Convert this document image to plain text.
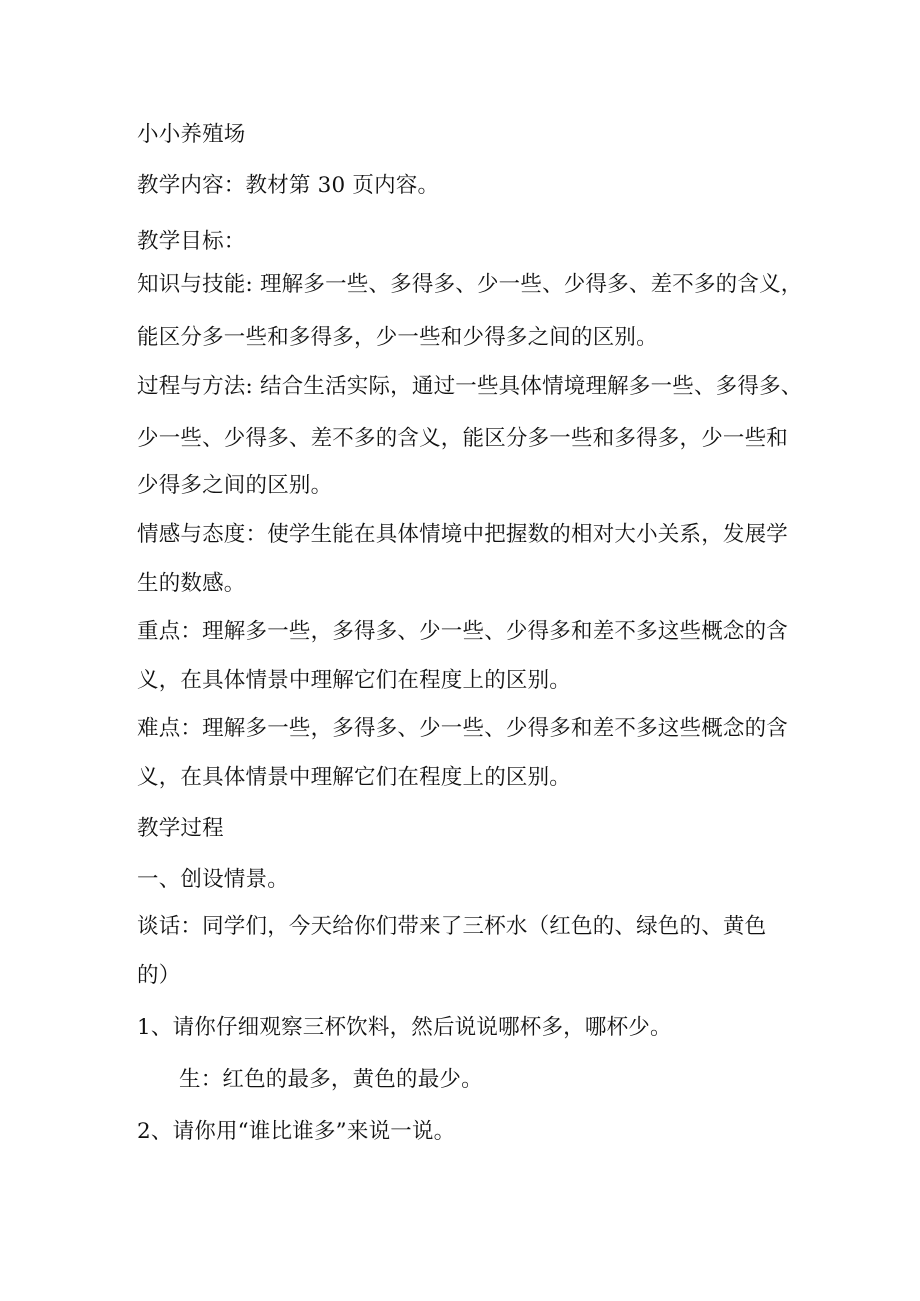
小小养殖场
教学内容：教材第 30 页内容。
教学目标：
知识与技能: 理解多一些、多得多、少一些、少得多、差不多的含义，
能区分多一些和多得多，少一些和少得多之间的区别。
过程与方法: 结合生活实际，通过一些具体情境理解多一些、多得多、
少一些、少得多、差不多的含义，能区分多一些和多得多，少一些和
少得多之间的区别。
情感与态度：使学生能在具体情境中把握数的相对大小关系，发展学
生的数感。
重点：理解多一些，多得多、少一些、少得多和差不多这些概念的含
义，在具体情景中理解它们在程度上的区别。
难点：理解多一些，多得多、少一些、少得多和差不多这些概念的含
义，在具体情景中理解它们在程度上的区别。
教学过程
一、创设情景。
谈话：同学们，今天给你们带来了三杯水（红色的、绿色的、黄色
的）
1、请你仔细观察三杯饮料，然后说说哪杯多，哪杯少。
生：红色的最多，黄色的最少。
2、请你用“谁比谁多”来说一说。
